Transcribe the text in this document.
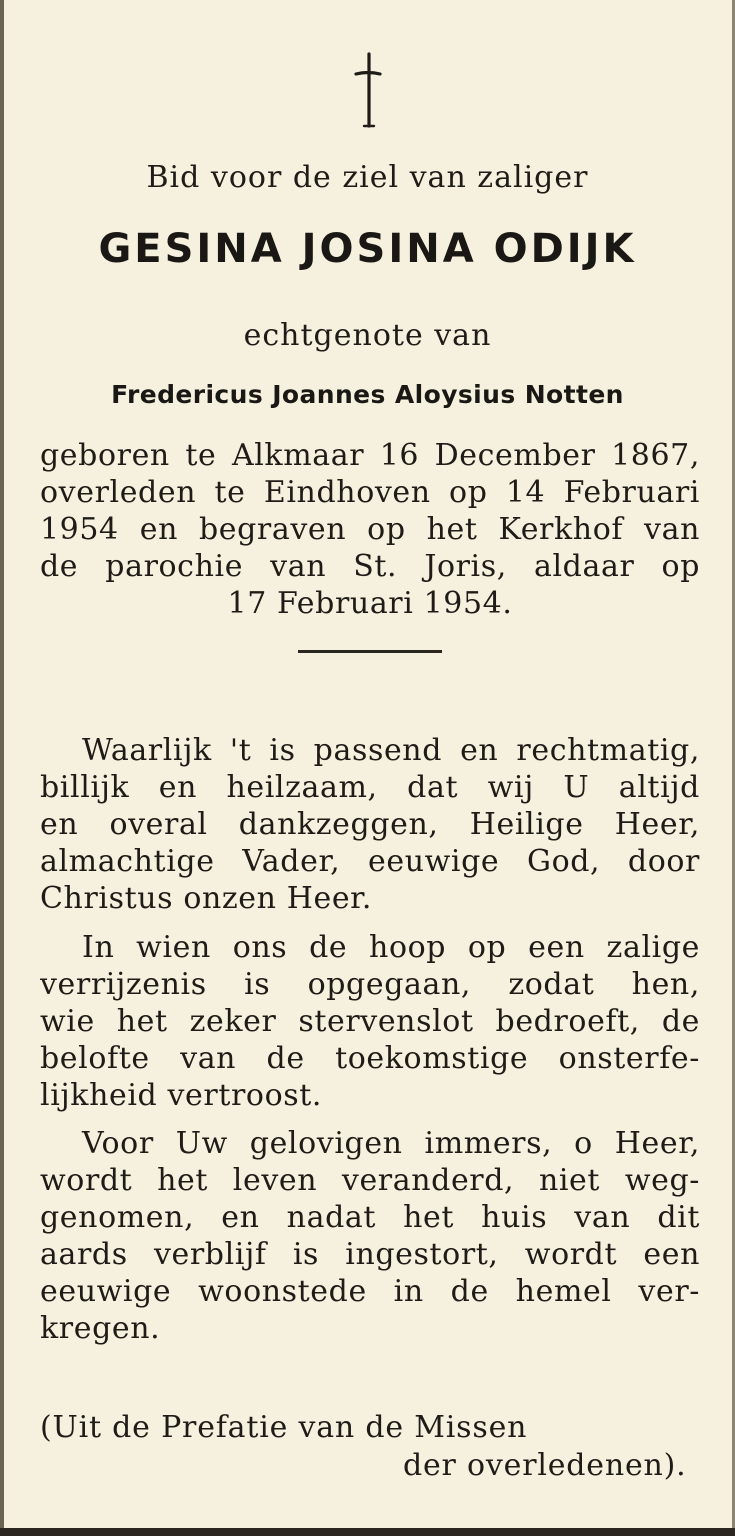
Bid voor de ziel van zaliger

GESINA JOSINA ODIJK

echtgenote van

Fredericus Joannes Aloysius Notten

geboren te Alkmaar 16 December 1867,
overleden te Eindhoven op 14 Februari
1954 en begraven op het Kerkhof van
de parochie van St. Joris, aldaar op
17 Februari 1954.
Waarlijk 't is passend en rechtmatig,
billijk en heilzaam, dat wij U altijd
en overal dankzeggen, Heilige Heer,
almachtige Vader, eeuwige God, door
Christus onzen Heer.
In wien ons de hoop op een zalige
verrijzenis is opgegaan, zodat hen,
wie het zeker stervenslot bedroeft, de
belofte van de toekomstige onsterfe-
lijkheid vertroost.
Voor Uw gelovigen immers, o Heer,
wordt het leven veranderd, niet weg-
genomen, en nadat het huis van dit
aards verblijf is ingestort, wordt een
eeuwige woonstede in de hemel ver-
kregen.

(Uit de Prefatie van de Missen

der overledenen).
